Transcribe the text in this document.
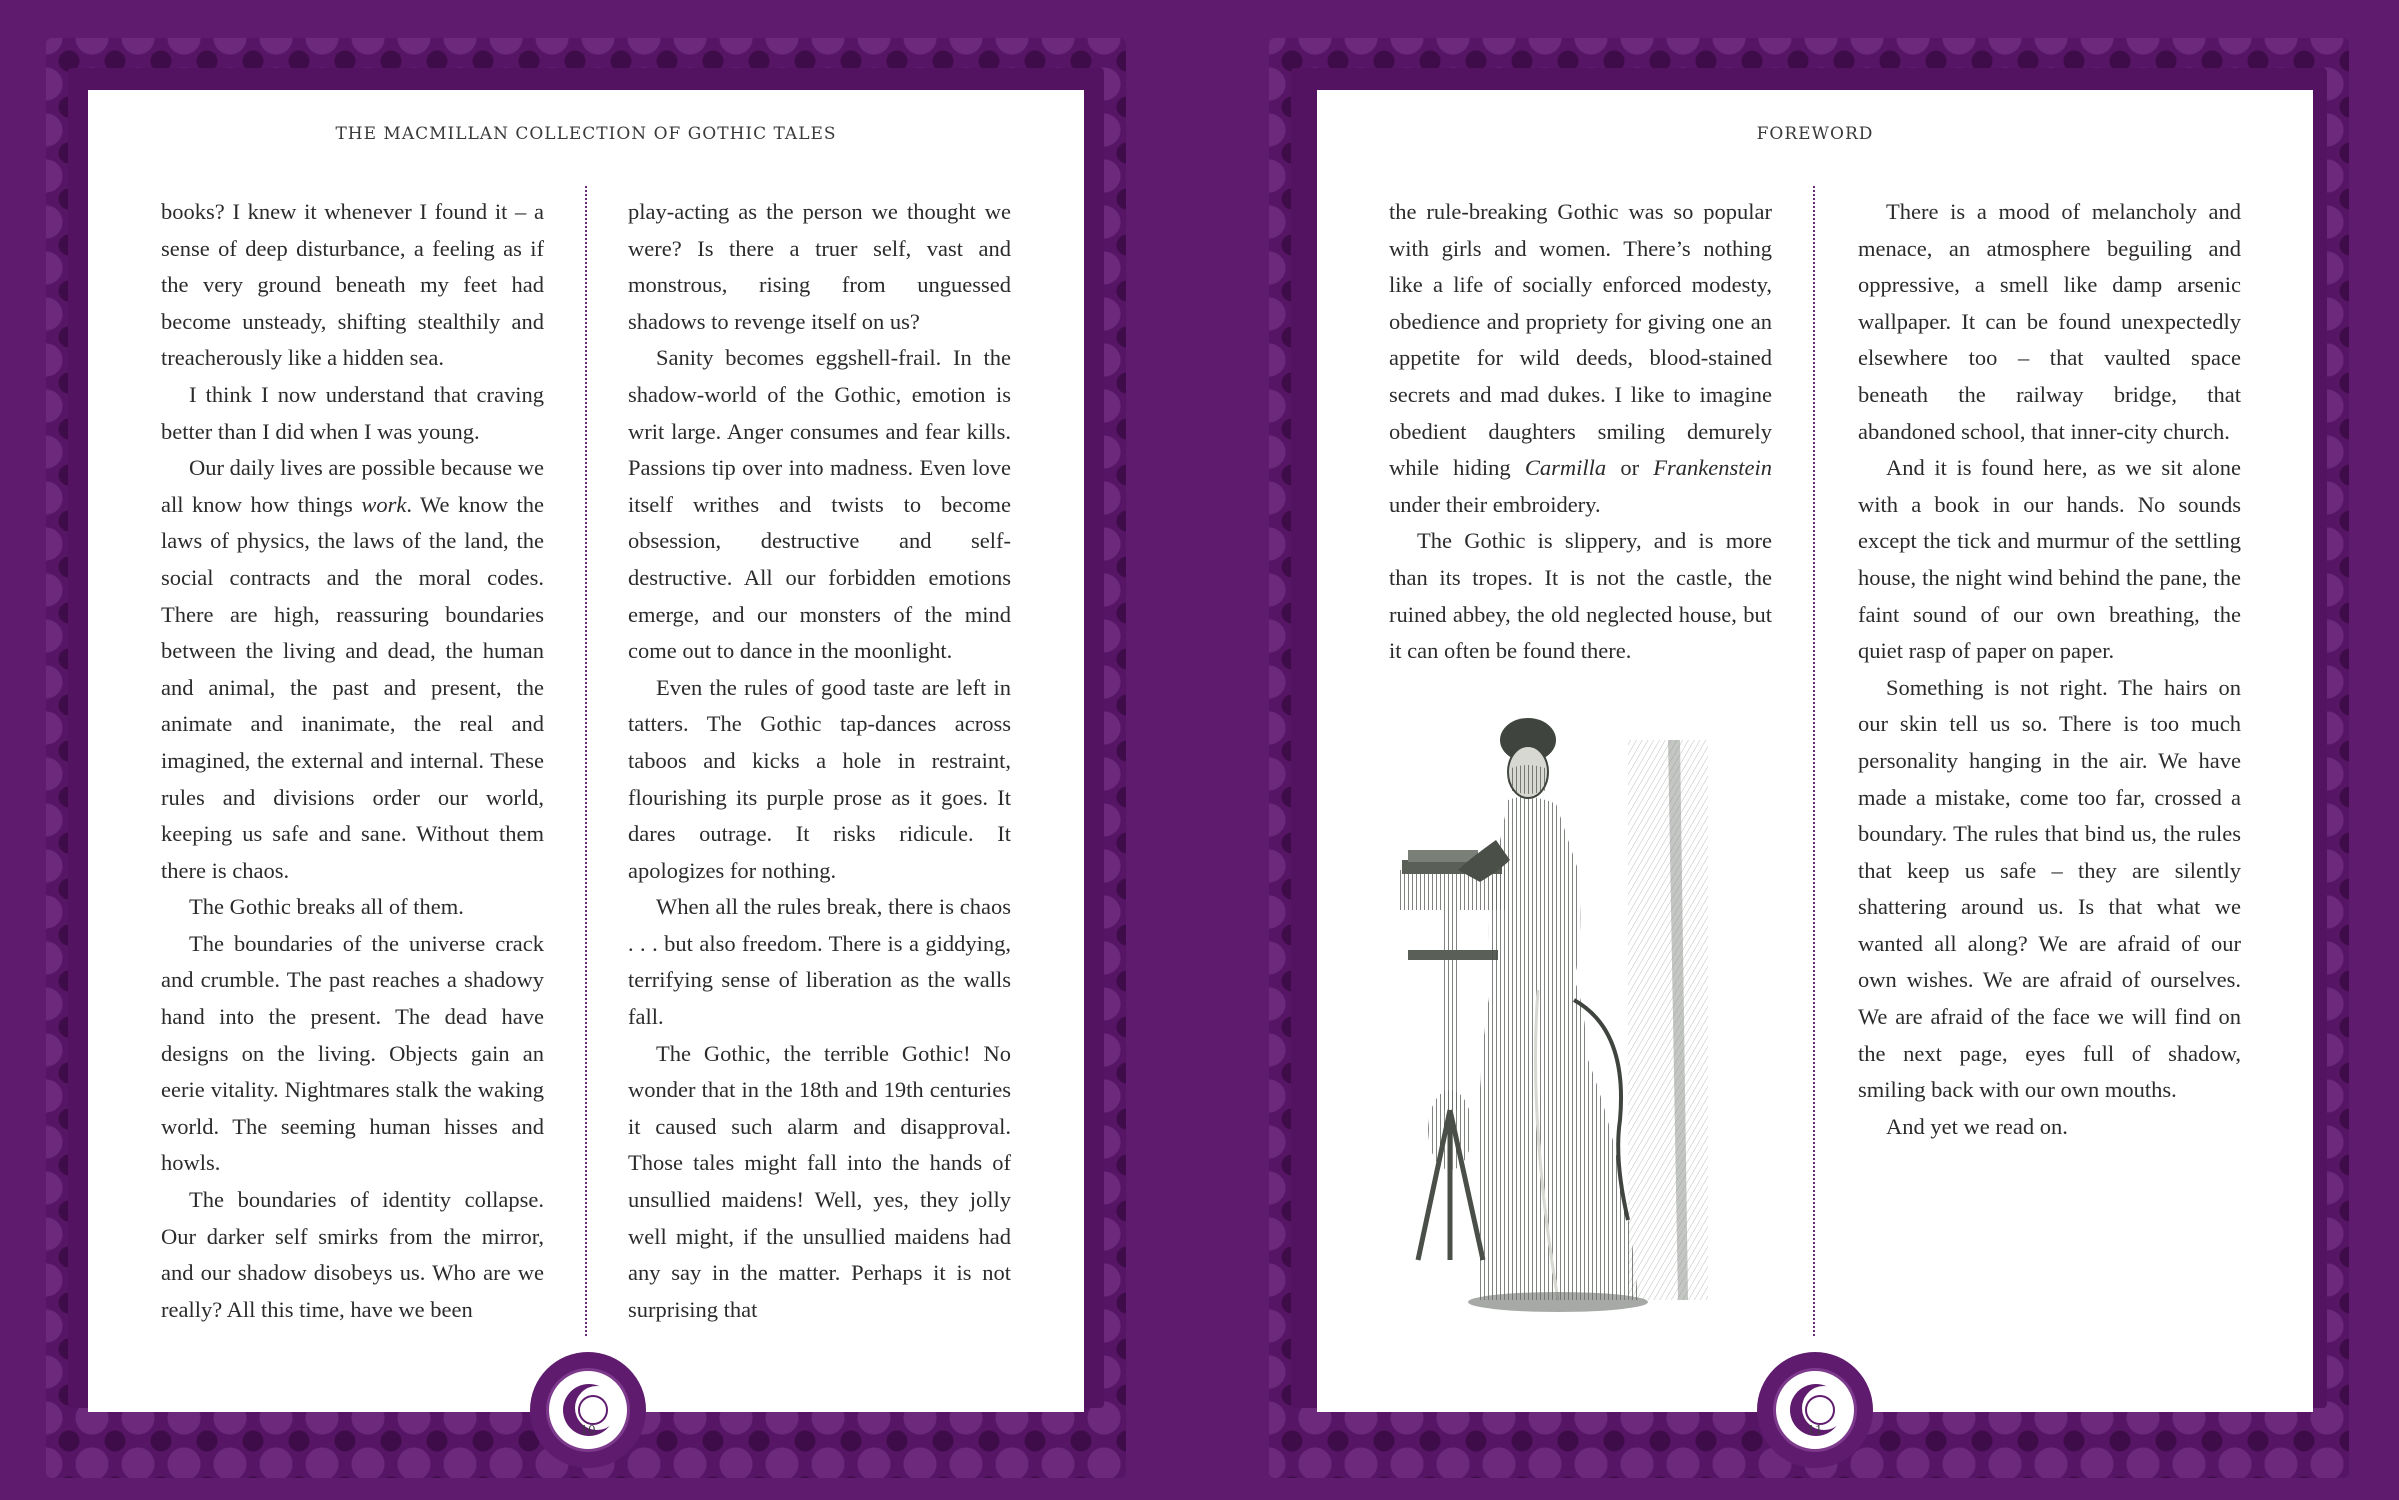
THE MACMILLAN COLLECTION OF GOTHIC TALES

books? I knew it whenever I found it – a sense of deep disturbance, a feeling as if the very ground beneath my feet had become unsteady, shifting stealthily and treacherously like a hidden sea.

I think I now understand that craving better than I did when I was young.

Our daily lives are possible because we all know how things work. We know the laws of physics, the laws of the land, the social contracts and the moral codes. There are high, reassuring boundaries between the living and dead, the human and animal, the past and present, the animate and inanimate, the real and imagined, the external and internal. These rules and divisions order our world, keeping us safe and sane. Without them there is chaos.

The Gothic breaks all of them.

The boundaries of the universe crack and crumble. The past reaches a shadowy hand into the present. The dead have designs on the living. Objects gain an eerie vitality. Nightmares stalk the waking world. The seeming human hisses and howls.

The boundaries of identity collapse. Our darker self smirks from the mirror, and our shadow disobeys us. Who are we really? All this time, have we been

play-acting as the person we thought we were? Is there a truer self, vast and monstrous, rising from unguessed shadows to revenge itself on us?

Sanity becomes eggshell-frail. In the shadow-world of the Gothic, emotion is writ large. Anger consumes and fear kills. Passions tip over into madness. Even love itself writhes and twists to become obsession, destructive and self-destructive. All our forbidden emotions emerge, and our monsters of the mind come out to dance in the moonlight.

Even the rules of good taste are left in tatters. The Gothic tap-dances across taboos and kicks a hole in restraint, flourishing its purple prose as it goes. It dares outrage. It risks ridicule. It apologizes for nothing.

When all the rules break, there is chaos . . . but also freedom. There is a giddying, terrifying sense of liberation as the walls fall.

The Gothic, the terrible Gothic! No wonder that in the 18th and 19th centuries it caused such alarm and disapproval. Those tales might fall into the hands of unsullied maidens! Well, yes, they jolly well might, if the unsullied maidens had any say in the matter. Perhaps it is not surprising that

10
FOREWORD

the rule-breaking Gothic was so popular with girls and women. There’s nothing like a life of socially enforced modesty, obedience and propriety for giving one an appetite for wild deeds, blood-stained secrets and mad dukes. I like to imagine obedient daughters smiling demurely while hiding Carmilla or Frankenstein under their embroidery.

The Gothic is slippery, and is more than its tropes. It is not the castle, the ruined abbey, the old neglected house, but it can often be found there.

There is a mood of melancholy and menace, an atmosphere beguiling and oppressive, a smell like damp arsenic wallpaper. It can be found unexpectedly elsewhere too – that vaulted space beneath the railway bridge, that abandoned school, that inner-city church.

And it is found here, as we sit alone with a book in our hands. No sounds except the tick and murmur of the settling house, the night wind behind the pane, the faint sound of our own breathing, the quiet rasp of paper on paper.

Something is not right. The hairs on our skin tell us so. There is too much personality hanging in the air. We have made a mistake, come too far, crossed a boundary. The rules that bind us, the rules that keep us safe – they are silently shattering around us. Is that what we wanted all along? We are afraid of our own wishes. We are afraid of ourselves. We are afraid of the face we will find on the next page, eyes full of shadow, smiling back with our own mouths.

And yet we read on.

11
